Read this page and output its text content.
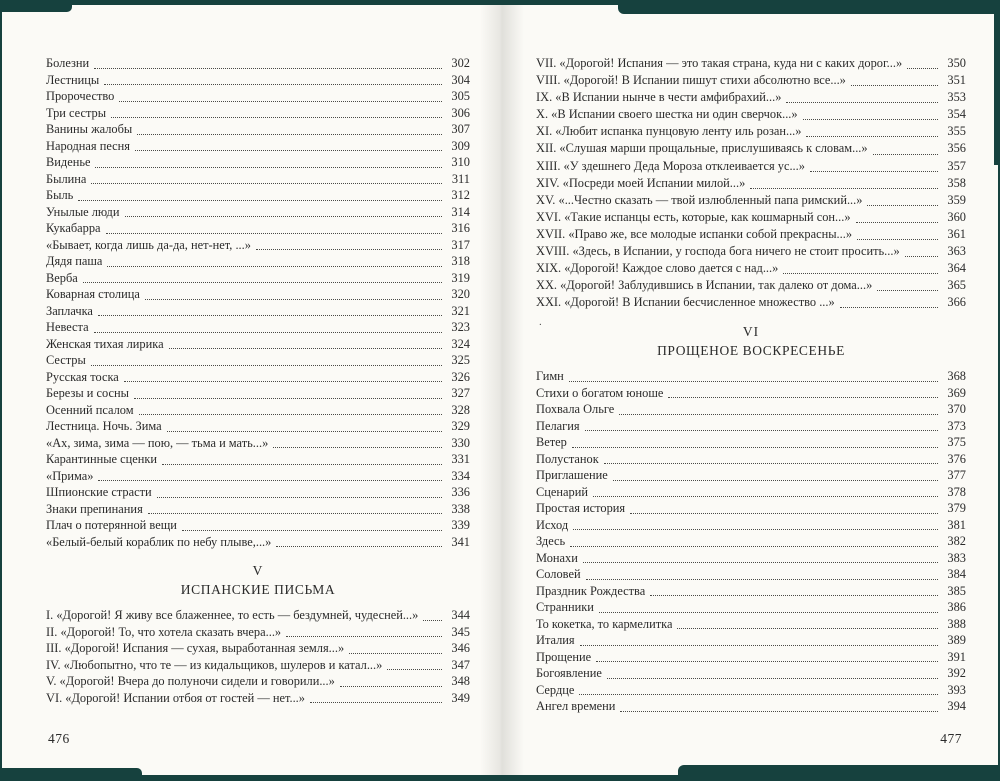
Болезни	302
Лестницы	304
Пророчество	305
Три сестры	306
Ванины жалобы	307
Народная песня	309
Виденье	310
Былина	311
Быль	312
Унылые люди	314
Кукабарра	316
«Бывает, когда лишь да-да, нет-нет, ...»	317
Дядя паша	318
Верба	319
Коварная столица	320
Заплачка	321
Невеста	323
Женская тихая лирика	324
Сестры	325
Русская тоска	326
Березы и сосны	327
Осенний псалом	328
Лестница. Ночь. Зима	329
«Ах, зима, зима — пою, — тьма и мать...»	330
Карантинные сценки	331
«Прима»	334
Шпионские страсти	336
Знаки препинания	338
Плач о потерянной вещи	339
«Белый-белый кораблик по небу плыве,...»	341
V
ИСПАНСКИЕ ПИСЬМА
I. «Дорогой! Я живу все блаженнее, то есть — бездумней, чудесней...»	344
II. «Дорогой! То, что хотела сказать вчера...»	345
III. «Дорогой! Испания — сухая, выработанная земля...»	346
IV. «Любопытно, что те — из кидальщиков, шулеров и катал...»	347
V. «Дорогой! Вчера до полуночи сидели и говорили...»	348
VI. «Дорогой! Испании отбоя от гостей — нет...»	349
476
VII. «Дорогой! Испания — это такая страна, куда ни с каких дорог...»	350
VIII. «Дорогой! В Испании пишут стихи абсолютно все...»	351
IX. «В Испании нынче в чести амфибрахий...»	353
X. «В Испании своего шестка ни один сверчок...»	354
XI. «Любит испанка пунцовую ленту иль розан...»	355
XII. «Слушая марши прощальные, прислушиваясь к словам...»	356
XIII. «У здешнего Деда Мороза отклеивается ус...»	357
XIV. «Посреди моей Испании милой...»	358
XV. «...Честно сказать — твой излюбленный папа римский...»	359
XVI. «Такие испанцы есть, которые, как кошмарный сон...»	360
XVII. «Право же, все молодые испанки собой прекрасны...»	361
XVIII. «Здесь, в Испании, у господа бога ничего не стоит просить...»	363
XIX. «Дорогой! Каждое слово дается с над...»	364
XX. «Дорогой! Заблудившись в Испании, так далеко от дома...»	365
XXI. «Дорогой! В Испании бесчисленное множество ...»	366
.
VI
ПРОЩЕНОЕ ВОСКРЕСЕНЬЕ
Гимн	368
Стихи о богатом юноше	369
Похвала Ольге	370
Пелагия	373
Ветер	375
Полустанок	376
Приглашение	377
Сценарий	378
Простая история	379
Исход	381
Здесь	382
Монахи	383
Соловей	384
Праздник Рождества	385
Странники	386
То кокетка, то кармелитка	388
Италия	389
Прощение	391
Богоявление	392
Сердце	393
Ангел времени	394
477
